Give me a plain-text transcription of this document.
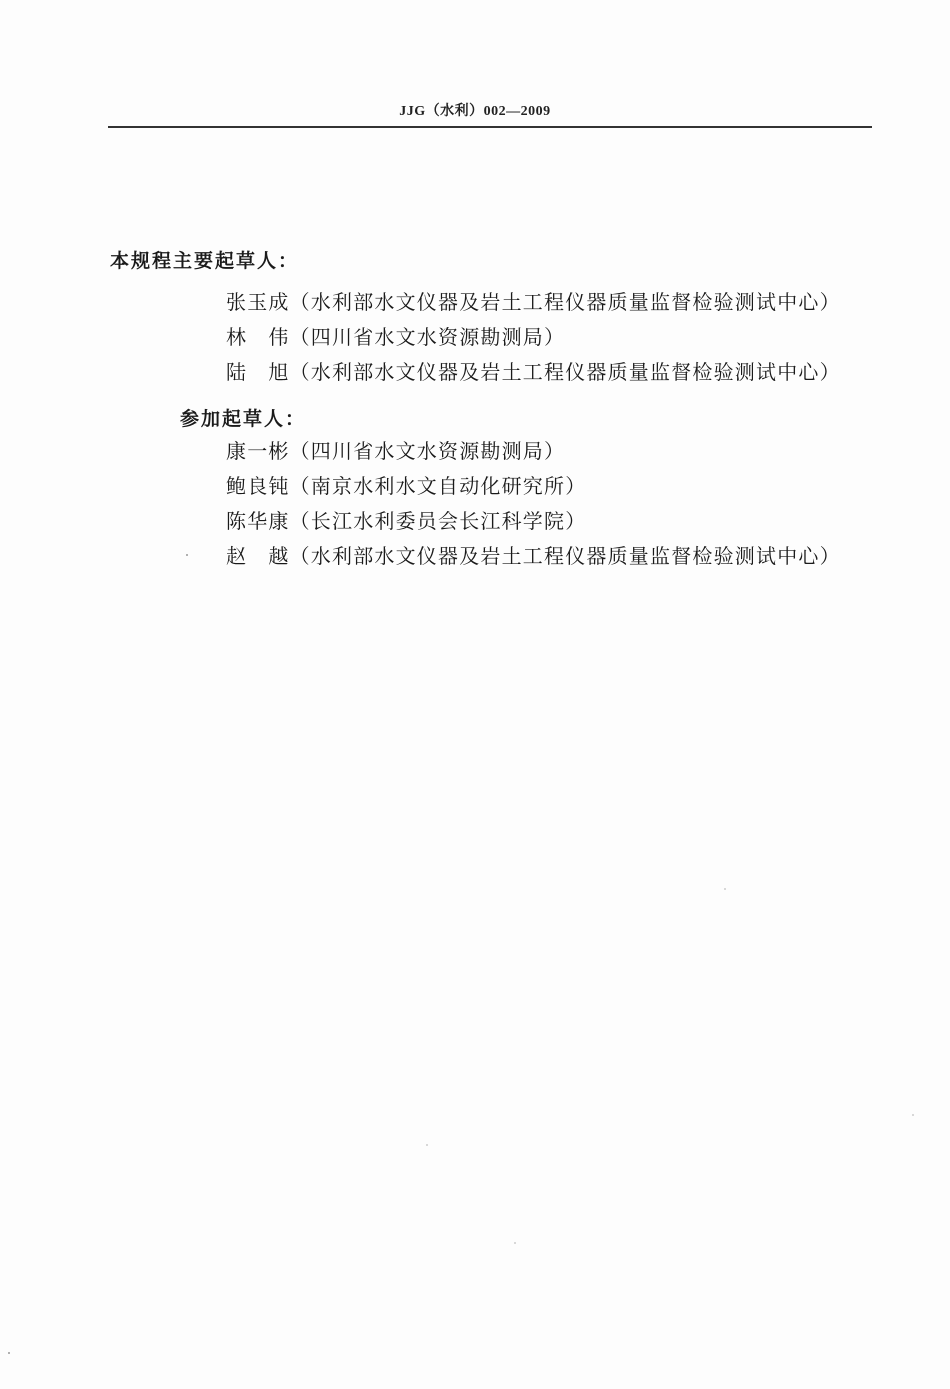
JJG（水利）002—2009
本规程主要起草人：
张玉成（水利部水文仪器及岩土工程仪器质量监督检验测试中心）
林　伟（四川省水文水资源勘测局）
陆　旭（水利部水文仪器及岩土工程仪器质量监督检验测试中心）
参加起草人：
康一彬（四川省水文水资源勘测局）
鲍良钝（南京水利水文自动化研究所）
陈华康（长江水利委员会长江科学院）
赵　越（水利部水文仪器及岩土工程仪器质量监督检验测试中心）
